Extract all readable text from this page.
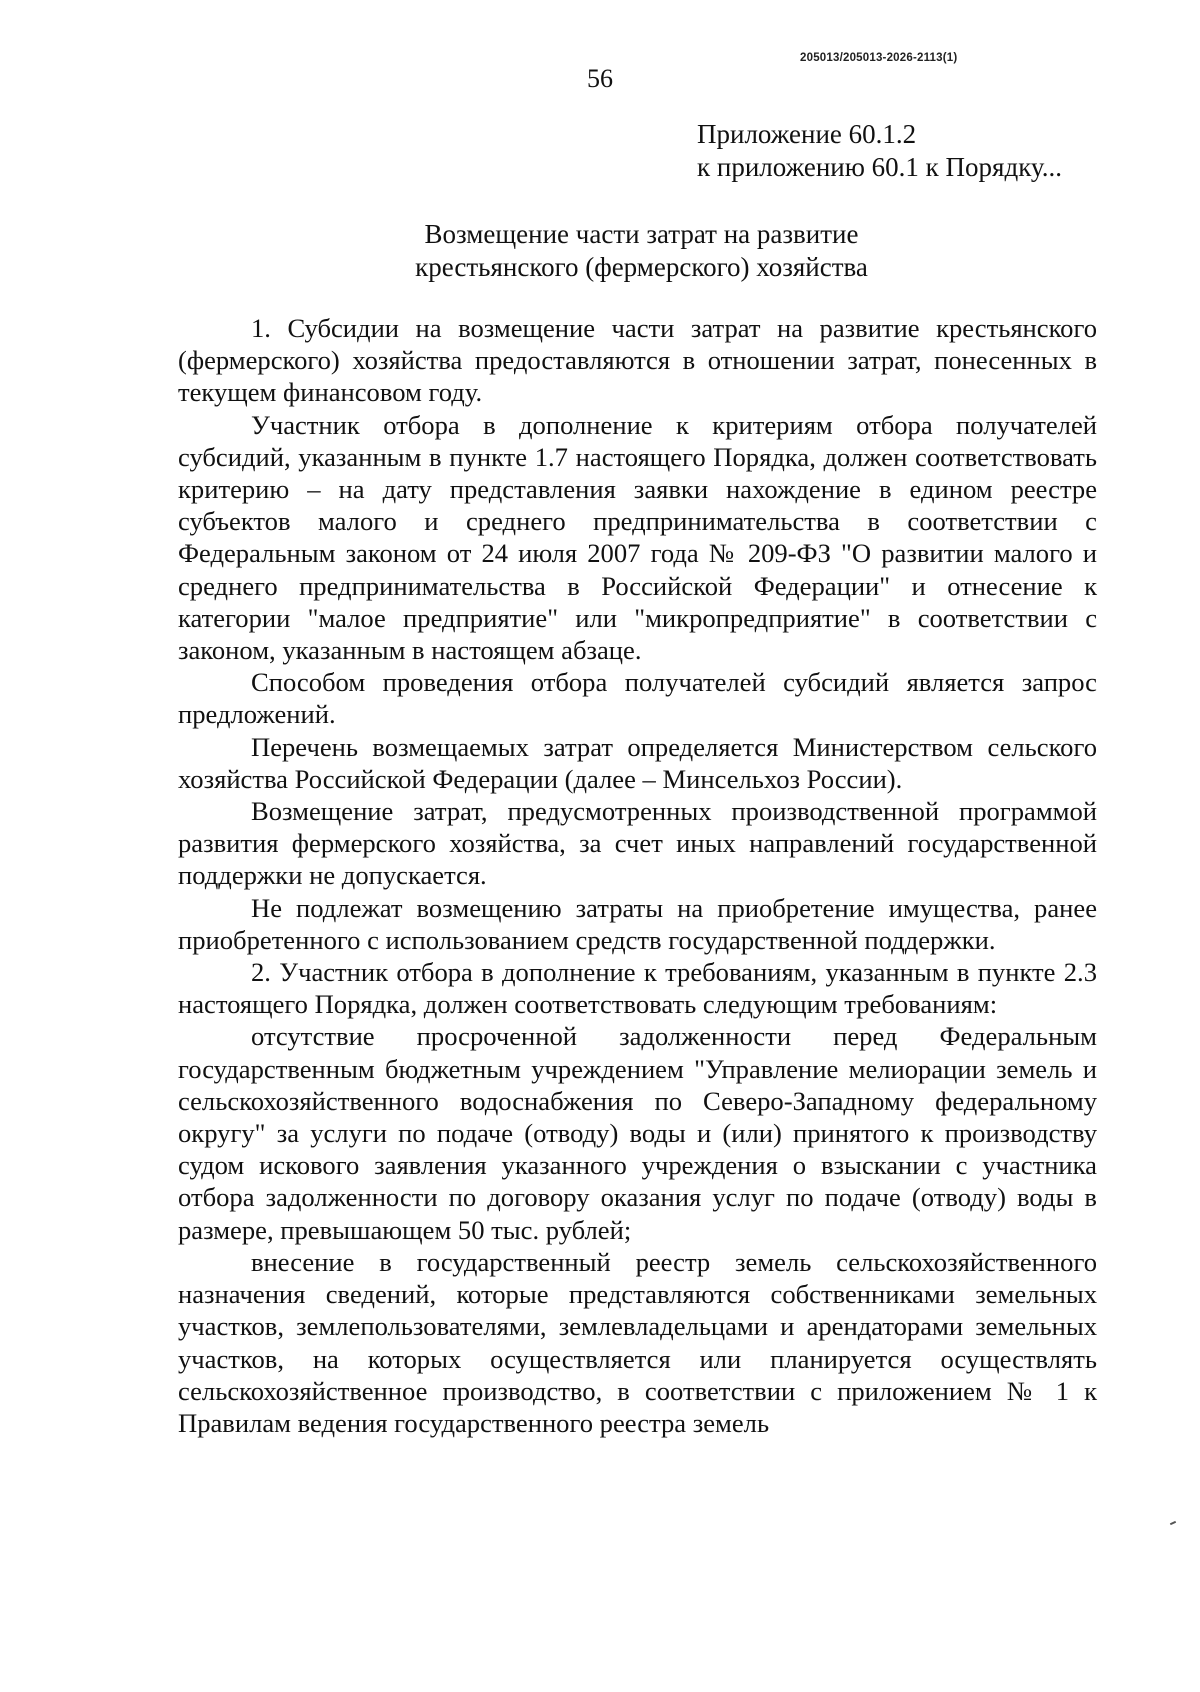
205013/205013-2026-2113(1)
56
Приложение 60.1.2
к приложению 60.1 к Порядку...
Возмещение части затрат на развитие
крестьянского (фермерского) хозяйства

1. Субсидии на возмещение части затрат на развитие крестьянского (фермерского) хозяйства предоставляются в отношении затрат, понесенных в текущем финансовом году.

Участник отбора в дополнение к критериям отбора получателей субсидий, указанным в пункте 1.7 настоящего Порядка, должен соответствовать критерию – на дату представления заявки нахождение в едином реестре субъектов малого и среднего предпринимательства в соответствии с Федеральным законом от 24 июля 2007 года № 209-ФЗ "О развитии малого и среднего предпринимательства в Российской Федерации" и отнесение к категории "малое предприятие" или "микропредприятие" в соответствии с законом, указанным в настоящем абзаце.

Способом проведения отбора получателей субсидий является запрос предложений.

Перечень возмещаемых затрат определяется Министерством сельского хозяйства Российской Федерации (далее – Минсельхоз России).

Возмещение затрат, предусмотренных производственной программой развития фермерского хозяйства, за счет иных направлений государственной поддержки не допускается.

Не подлежат возмещению затраты на приобретение имущества, ранее приобретенного с использованием средств государственной поддержки.

2. Участник отбора в дополнение к требованиям, указанным в пункте 2.3 настоящего Порядка, должен соответствовать следующим требованиям:

отсутствие просроченной задолженности перед Федеральным государственным бюджетным учреждением "Управление мелиорации земель и сельскохозяйственного водоснабжения по Северо-Западному федеральному округу" за услуги по подаче (отводу) воды и (или) принятого к производству судом искового заявления указанного учреждения о взыскании с участника отбора задолженности по договору оказания услуг по подаче (отводу) воды в размере, превышающем 50 тыс. рублей;

внесение в государственный реестр земель сельскохозяйственного назначения сведений, которые представляются собственниками земельных участков, землепользователями, землевладельцами и арендаторами земельных участков, на которых осуществляется или планируется осуществлять сельскохозяйственное производство, в соответствии с приложением № 1 к Правилам ведения государственного реестра земель
